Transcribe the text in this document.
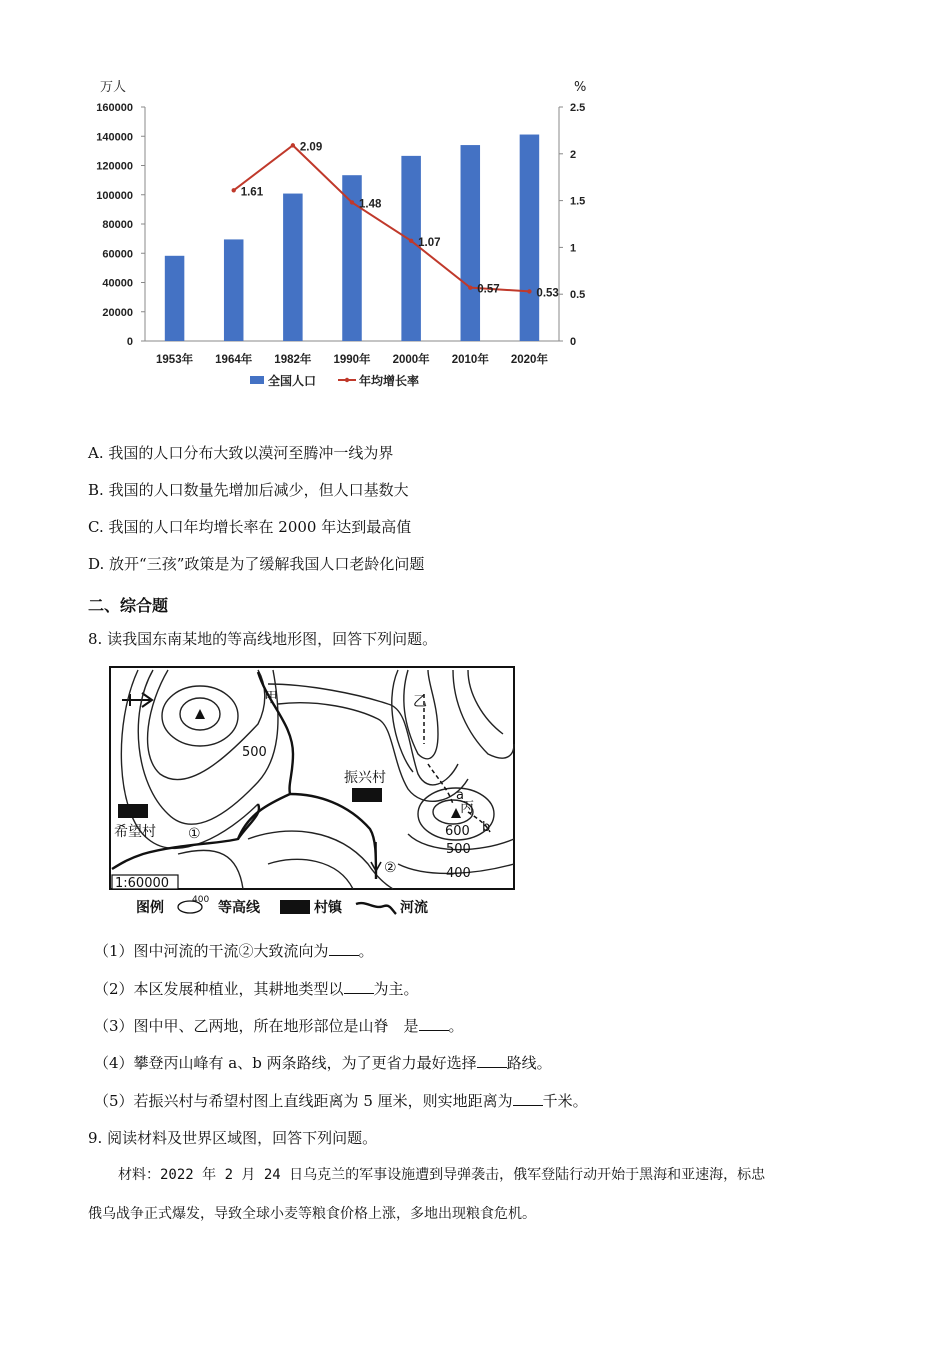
0
20000
40000
60000
80000
100000
120000
140000
160000
0
0.5
1
1.5
2
2.5
万人	%
1953年 1964年 1982年 1990年 2000年 2010年 2020年
1.61
2.09
1.48
1.07
0.57	0.53
全国人口	年均增长率
A. 我国的人口分布大致以漠河至腾冲一线为界
B. 我国的人口数量先增加后减少，但人口基数大
C. 我国的人口年均增长率在 2000 年达到最高值
D. 放开“三孩”政策是为了缓解我国人口老龄化问题
二、综合题
8. 读我国东南某地的等高线地形图，回答下列问题。
甲	乙
a
丙
b
振兴村
希望村 ①
②
500
600
500
400
1:60000
图例	400 等高线	村镇	河流
（1）图中河流的干流②大致流向为 。
（2）本区发展种植业，其耕地类型以 为主。
（3）图中甲、乙两地，所在地形部位是山脊　是 。
（4）攀登丙山峰有 a、b 两条路线，为了更省力最好选择 路线。
（5）若振兴村与希望村图上直线距离为 5 厘米，则实地距离为 千米。
9. 阅读材料及世界区域图，回答下列问题。
材料：2022 年 2 月 24 日乌克兰的军事设施遭到导弹袭击，俄军登陆行动开始于黑海和亚速海，标忠
俄乌战争正式爆发，导致全球小麦等粮食价格上涨，多地出现粮食危机。
